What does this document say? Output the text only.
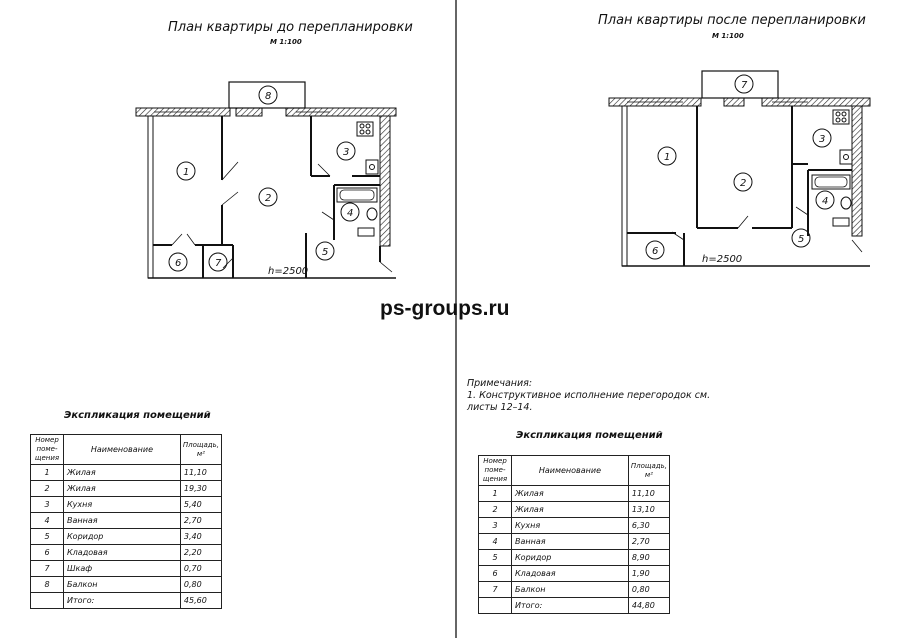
План квартиры до перепланировки
М 1:100
8
1
2
3
4
5
6	7
h=2500
План квартиры после перепланировки
М 1:100
7
1
2
3
4
5
6
h=2500
ps-groups.ru
Примечания:
1. Конструктивное исполнение перегородок см.
листы 12–14.
Экспликация помещений
Номер поме- щения	Наименование	Площадь, м²
1	Жилая	11,10
2	Жилая	19,30
3	Кухня	5,40
4	Ванная	2,70
5	Коридор	3,40
6	Кладовая	2,20
7	Шкаф	0,70
8	Балкон	0,80
	Итого:	45,60
Экспликация помещений
Номер поме- щения	Наименование	Площадь, м²
1	Жилая	11,10
2	Жилая	13,10
3	Кухня	6,30
4	Ванная	2,70
5	Коридор	8,90
6	Кладовая	1,90
7	Балкон	0,80
	Итого:	44,80
